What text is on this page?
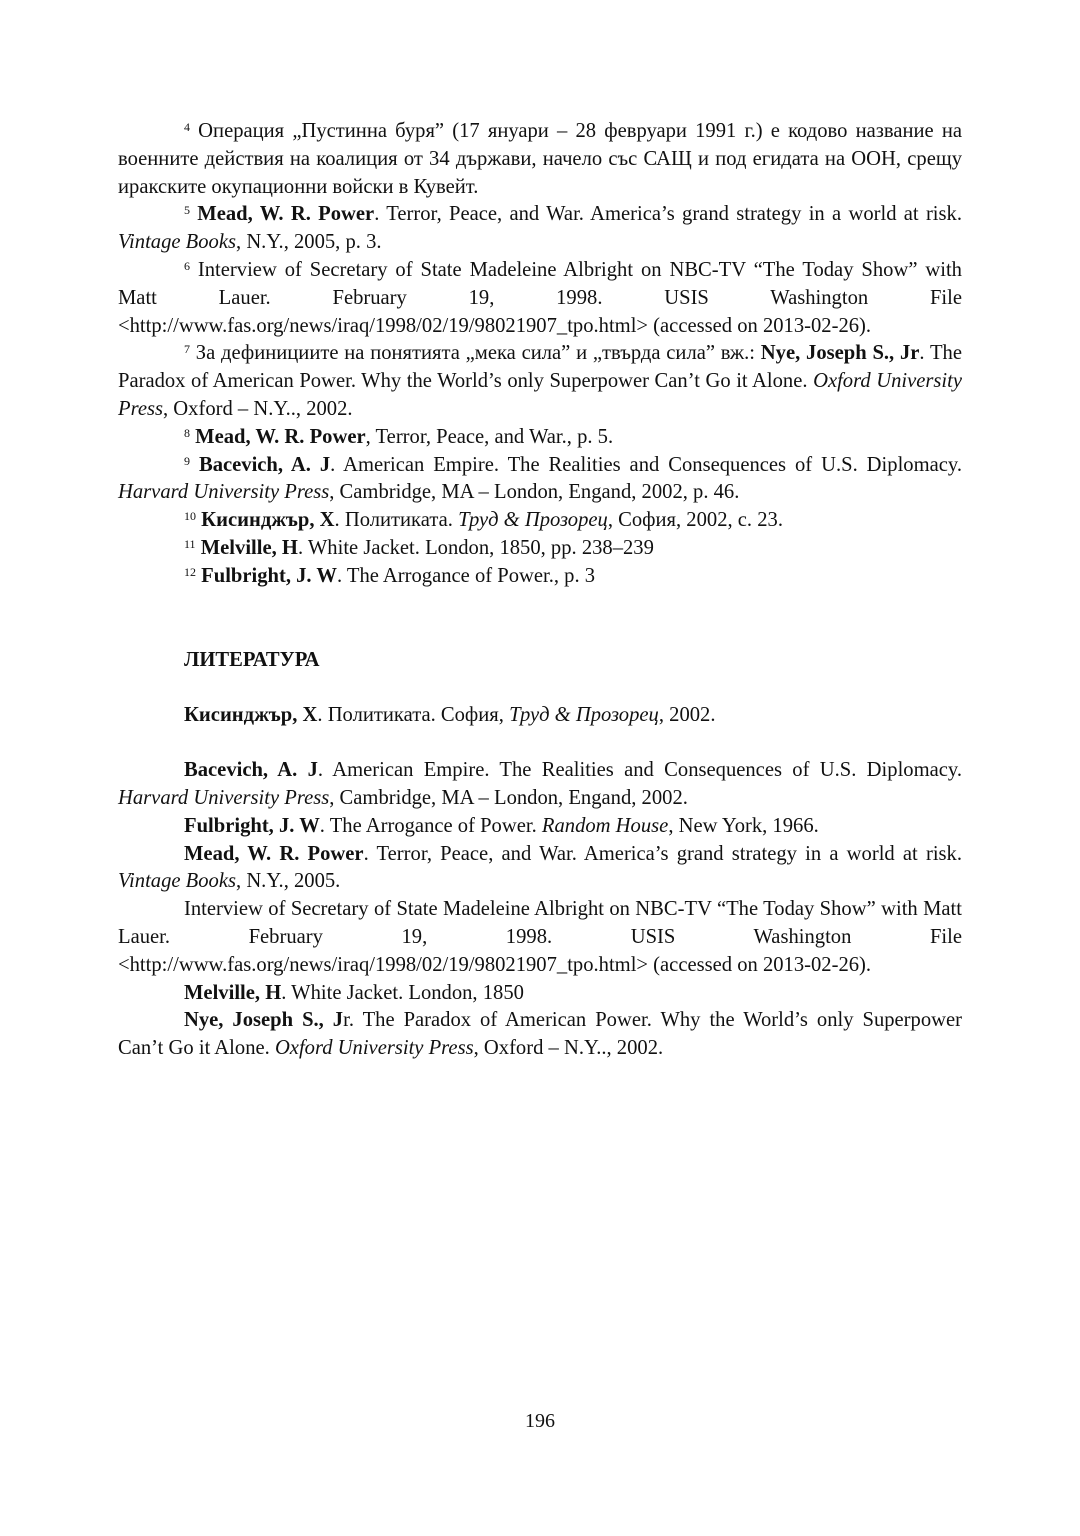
$^4$ Операция „Пустинна буря” (17 януари – 28 февруари 1991 г.) е кодово название на военните действия на коалиция от 34 държави, начело със САЩ и под егидата на ООН, срещу иракските окупационни войски в Кувейт.

$^5$ Mead, W. R. Power. Terror, Peace, and War. America’s grand strategy in a world at risk. Vintage Books, N.Y., 2005, p. 3.

$^6$ Interview of Secretary of State Madeleine Albright on NBC-TV “The Today Show” with Matt Lauer. February 19, 1998. USIS Washington File <http://www.fas.org/news/iraq/1998/02/19/98021907_tpo.html> (accessed on 2013-02-26).

$^7$ За дефинициите на понятията „мека сила” и „твърда сила” вж.: Nye, Joseph S., Jr. The Paradox of American Power. Why the World’s only Superpower Can’t Go it Alone. Oxford University Press, Oxford – N.Y.., 2002.

$^8$ Mead, W. R. Power, Terror, Peace, and War., p. 5.

$^9$ Bacevich, A. J. American Empire. The Realities and Consequences of U.S. Diplomacy. Harvard University Press, Cambridge, MA – London, Engand, 2002, p. 46.

$^{10}$ Кисинджър, Х. Политиката. Труд & Прозорец, София, 2002, с. 23.

$^{11}$ Melville, H. White Jacket. London, 1850, pp. 238–239

$^{12}$ Fulbright, J. W. The Arrogance of Power., p. 3

ЛИТЕРАТУРА

Кисинджър, Х. Политиката. София, Труд & Прозорец, 2002.

Bacevich, A. J. American Empire. The Realities and Consequences of U.S. Diplomacy. Harvard University Press, Cambridge, MA – London, Engand, 2002.

Fulbright, J. W. The Arrogance of Power. Random House, New York, 1966.

Mead, W. R. Power. Terror, Peace, and War. America’s grand strategy in a world at risk. Vintage Books, N.Y., 2005.

Interview of Secretary of State Madeleine Albright on NBC-TV “The Today Show” with Matt Lauer. February 19, 1998. USIS Washington File <http://www.fas.org/news/iraq/1998/02/19/98021907_tpo.html> (accessed on 2013-02-26).

Melville, H. White Jacket. London, 1850

Nye, Joseph S., Jr. The Paradox of American Power. Why the World’s only Superpower Can’t Go it Alone. Oxford University Press, Oxford – N.Y.., 2002.

196
